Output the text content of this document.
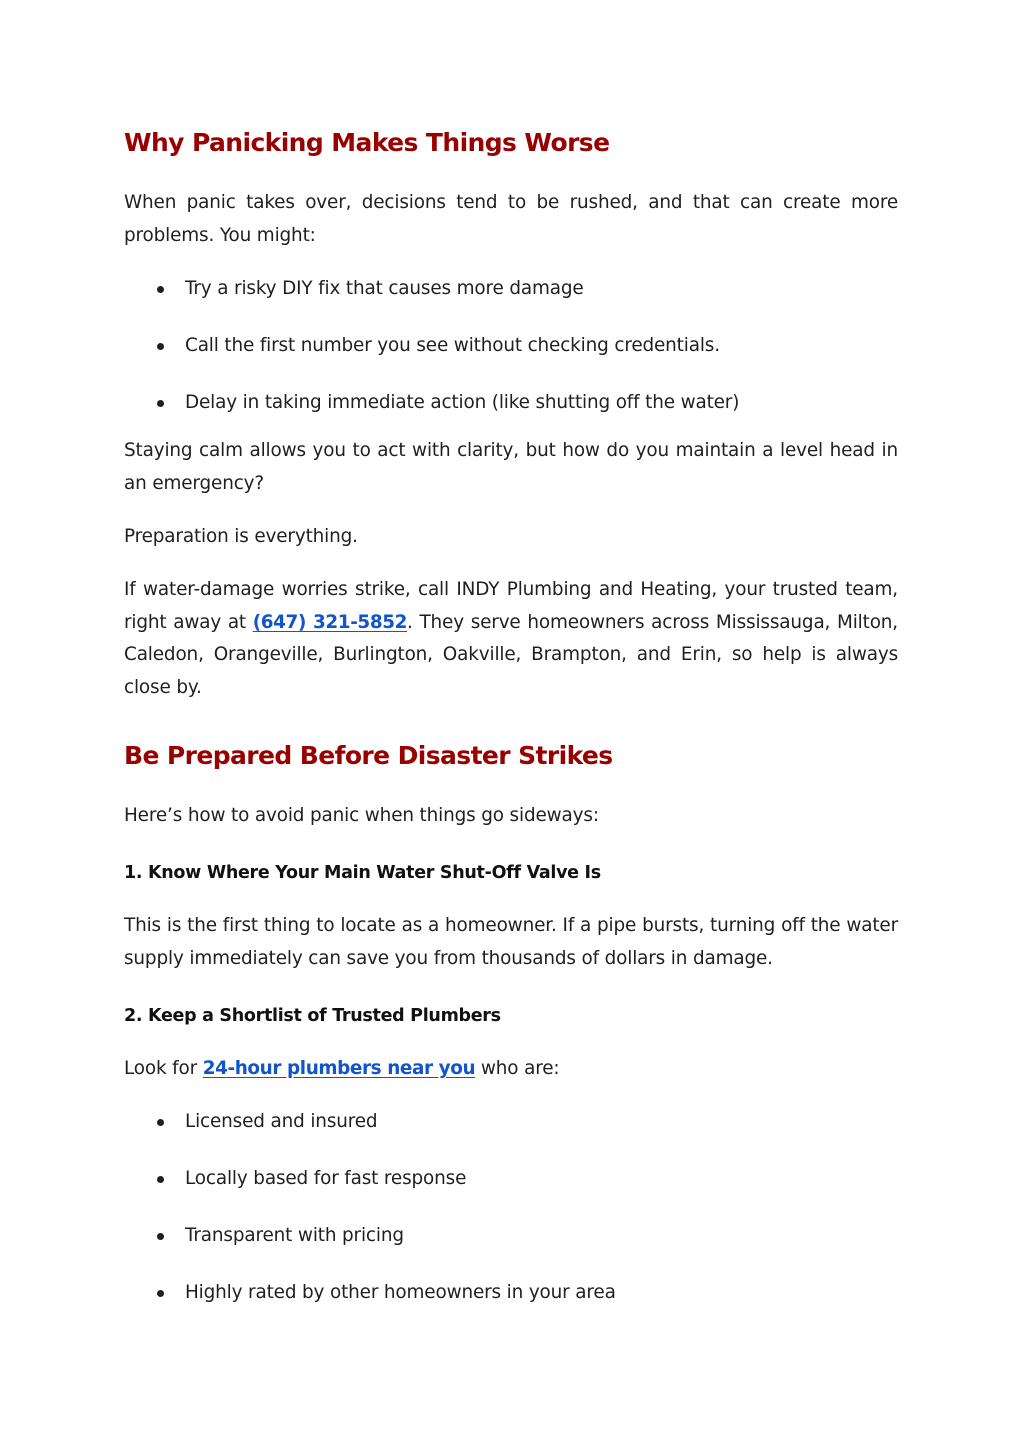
Why Panicking Makes Things Worse

When panic takes over, decisions tend to be rushed, and that can create more problems. You might:

Try a risky DIY fix that causes more damage
Call the first number you see without checking credentials.
Delay in taking immediate action (like shutting off the water)

Staying calm allows you to act with clarity, but how do you maintain a level head in an emergency?

Preparation is everything.

If water-damage worries strike, call INDY Plumbing and Heating, your trusted team, right away at (647) 321-5852. They serve homeowners across Mississauga, Milton, Caledon, Orangeville, Burlington, Oakville, Brampton, and Erin, so help is always close by.

Be Prepared Before Disaster Strikes

Here’s how to avoid panic when things go sideways:

1. Know Where Your Main Water Shut-Off Valve Is

This is the first thing to locate as a homeowner. If a pipe bursts, turning off the water supply immediately can save you from thousands of dollars in damage.

2. Keep a Shortlist of Trusted Plumbers

Look for 24-hour plumbers near you who are:

Licensed and insured
Locally based for fast response
Transparent with pricing
Highly rated by other homeowners in your area
